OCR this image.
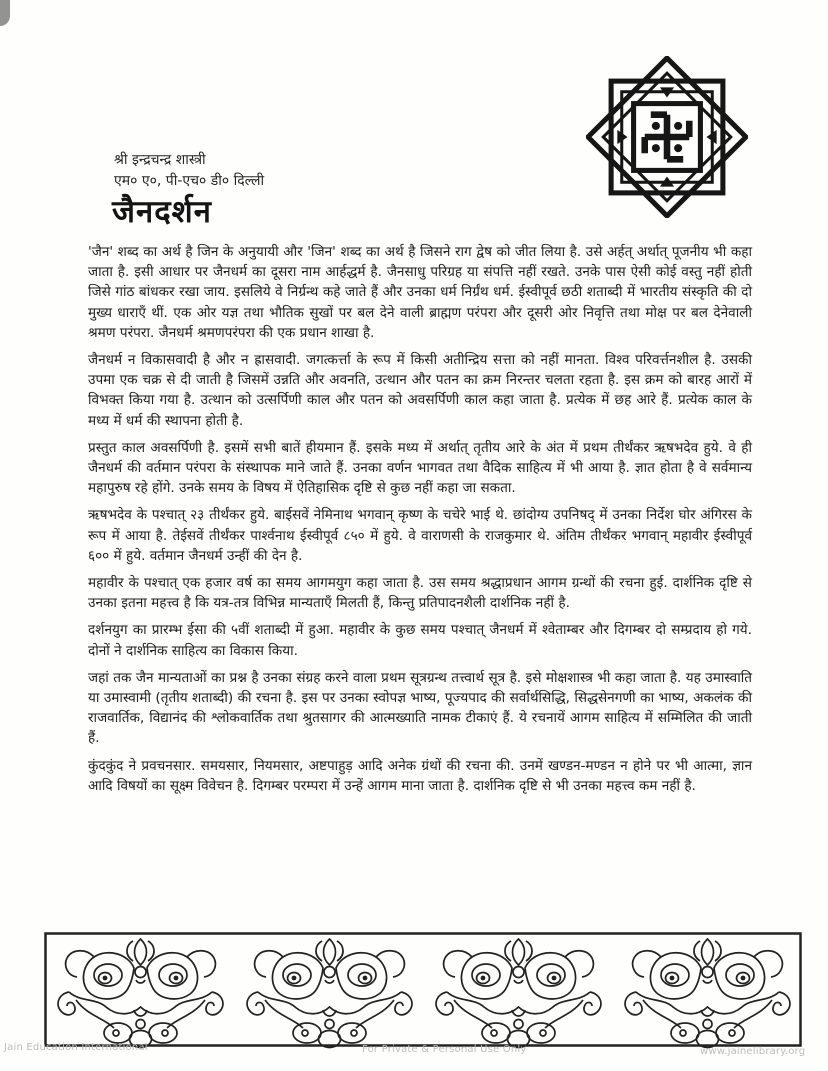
श्री इन्द्रचन्द्र शास्त्री
एम० ए०, पी-एच० डी० दिल्ली
जैनदर्शन

'जैन' शब्द का अर्थ है जिन के अनुयायी और 'जिन' शब्द का अर्थ है जिसने राग द्वेष को जीत लिया है. उसे अर्हत् अर्थात् पूजनीय भी कहा जाता है. इसी आधार पर जैनधर्म का दूसरा नाम आर्हद्धर्म है. जैनसाधु परिग्रह या संपत्ति नहीं रखते. उनके पास ऐसी कोई वस्तु नहीं होती जिसे गांठ बांधकर रखा जाय. इसलिये वे निर्ग्रन्थ कहे जाते हैं और उनका धर्म निर्ग्रंथ धर्म. ईस्वीपूर्व छठी शताब्दी में भारतीय संस्कृति की दो मुख्य धाराएँ थीं. एक ओर यज्ञ तथा भौतिक सुखों पर बल देने वाली ब्राह्मण परंपरा और दूसरी ओर निवृत्ति तथा मोक्ष पर बल देनेवाली श्रमण परंपरा. जैनधर्म श्रमणपरंपरा की एक प्रधान शाखा है.

जैनधर्म न विकासवादी है और न ह्रासवादी. जगत्कर्त्ता के रूप में किसी अतीन्द्रिय सत्ता को नहीं मानता. विश्व परिवर्त्तनशील है. उसकी उपमा एक चक्र से दी जाती है जिसमें उन्नति और अवनति, उत्थान और पतन का क्रम निरन्तर चलता रहता है. इस क्रम को बारह आरों में विभक्त किया गया है. उत्थान को उत्सर्पिणी काल और पतन को अवसर्पिणी काल कहा जाता है. प्रत्येक में छह आरे हैं. प्रत्येक काल के मध्य में धर्म की स्थापना होती है.

प्रस्तुत काल अवसर्पिणी है. इसमें सभी बातें हीयमान हैं. इसके मध्य में अर्थात् तृतीय आरे के अंत में प्रथम तीर्थंकर ऋषभदेव हुये. वे ही जैनधर्म की वर्तमान परंपरा के संस्थापक माने जाते हैं. उनका वर्णन भागवत तथा वैदिक साहित्य में भी आया है. ज्ञात होता है वे सर्वमान्य महापुरुष रहे होंगे. उनके समय के विषय में ऐतिहासिक दृष्टि से कुछ नहीं कहा जा सकता.

ऋषभदेव के पश्चात् २३ तीर्थंकर हुये. बाईसवें नेमिनाथ भगवान् कृष्ण के चचेरे भाई थे. छांदोग्य उपनिषद् में उनका निर्देश घोर अंगिरस के रूप में आया है. तेईसवें तीर्थंकर पार्श्वनाथ ईस्वीपूर्व ८५० में हुये. वे वाराणसी के राजकुमार थे. अंतिम तीर्थंकर भगवान् महावीर ईस्वीपूर्व ६०० में हुये. वर्तमान जैनधर्म उन्हीं की देन है.

महावीर के पश्चात् एक हजार वर्ष का समय आगमयुग कहा जाता है. उस समय श्रद्धाप्रधान आगम ग्रन्थों की रचना हुई. दार्शनिक दृष्टि से उनका इतना महत्त्व है कि यत्र-तत्र विभिन्न मान्यताएँ मिलती हैं, किन्तु प्रतिपादनशैली दार्शनिक नहीं है.

दर्शनयुग का प्रारम्भ ईसा की ५वीं शताब्दी में हुआ. महावीर के कुछ समय पश्चात् जैनधर्म में श्वेताम्बर और दिगम्बर दो सम्प्रदाय हो गये. दोनों ने दार्शनिक साहित्य का विकास किया.

जहां तक जैन मान्यताओं का प्रश्न है उनका संग्रह करने वाला प्रथम सूत्रग्रन्थ तत्त्वार्थ सूत्र है. इसे मोक्षशास्त्र भी कहा जाता है. यह उमास्वाति या उमास्वामी (तृतीय शताब्दी) की रचना है. इस पर उनका स्वोपज्ञ भाष्य, पूज्यपाद की सर्वार्थसिद्धि, सिद्धसेनगणी का भाष्य, अकलंक की राजवार्तिक, विद्यानंद की श्लोकवार्तिक तथा श्रुतसागर की आत्मख्याति नामक टीकाएं हैं. ये रचनायें आगम साहित्य में सम्मिलित की जाती हैं.

कुंदकुंद ने प्रवचनसार. समयसार, नियमसार, अष्टपाहुड़ आदि अनेक ग्रंथों की रचना की. उनमें खण्डन-मण्डन न होने पर भी आत्मा, ज्ञान आदि विषयों का सूक्ष्म विवेचन है. दिगम्बर परम्परा में उन्हें आगम माना जाता है. दार्शनिक दृष्टि से भी उनका महत्त्व कम नहीं है.

Jain Education International	For Private & Personal Use Only	www.jainelibrary.org
